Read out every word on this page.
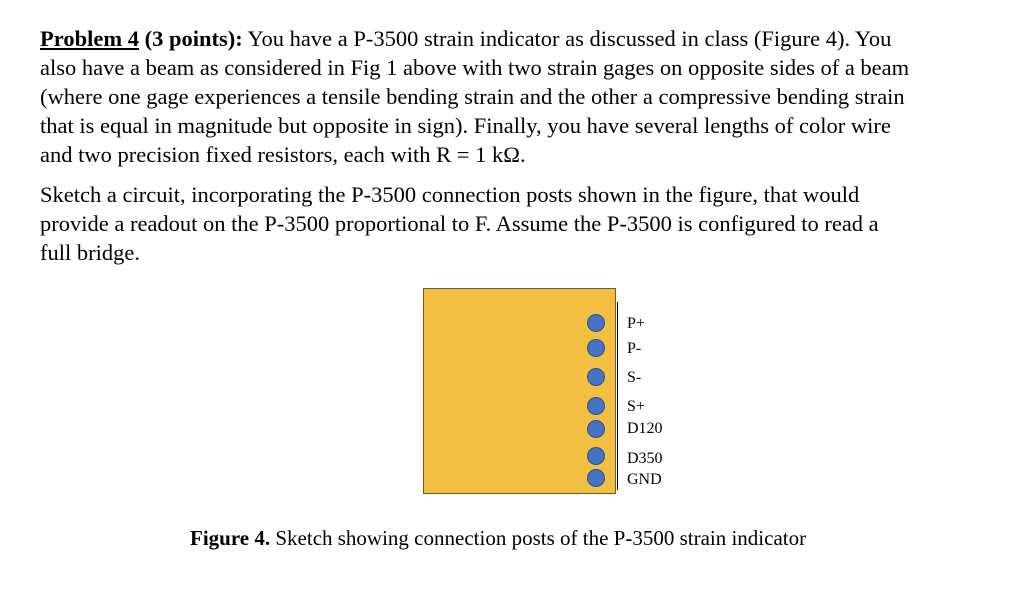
Problem 4 (3 points): You have a P-3500 strain indicator as discussed in class (Figure 4). You
also have a beam as considered in Fig 1 above with two strain gages on opposite sides of a beam
(where one gage experiences a tensile bending strain and the other a compressive bending strain
that is equal in magnitude but opposite in sign). Finally, you have several lengths of color wire
and two precision fixed resistors, each with R = 1 kΩ.
Sketch a circuit, incorporating the P-3500 connection posts shown in the figure, that would
provide a readout on the P-3500 proportional to F. Assume the P-3500 is configured to read a
full bridge.
P+
P-
S-
S+
D120
D350
GND
Figure 4. Sketch showing connection posts of the P-3500 strain indicator
